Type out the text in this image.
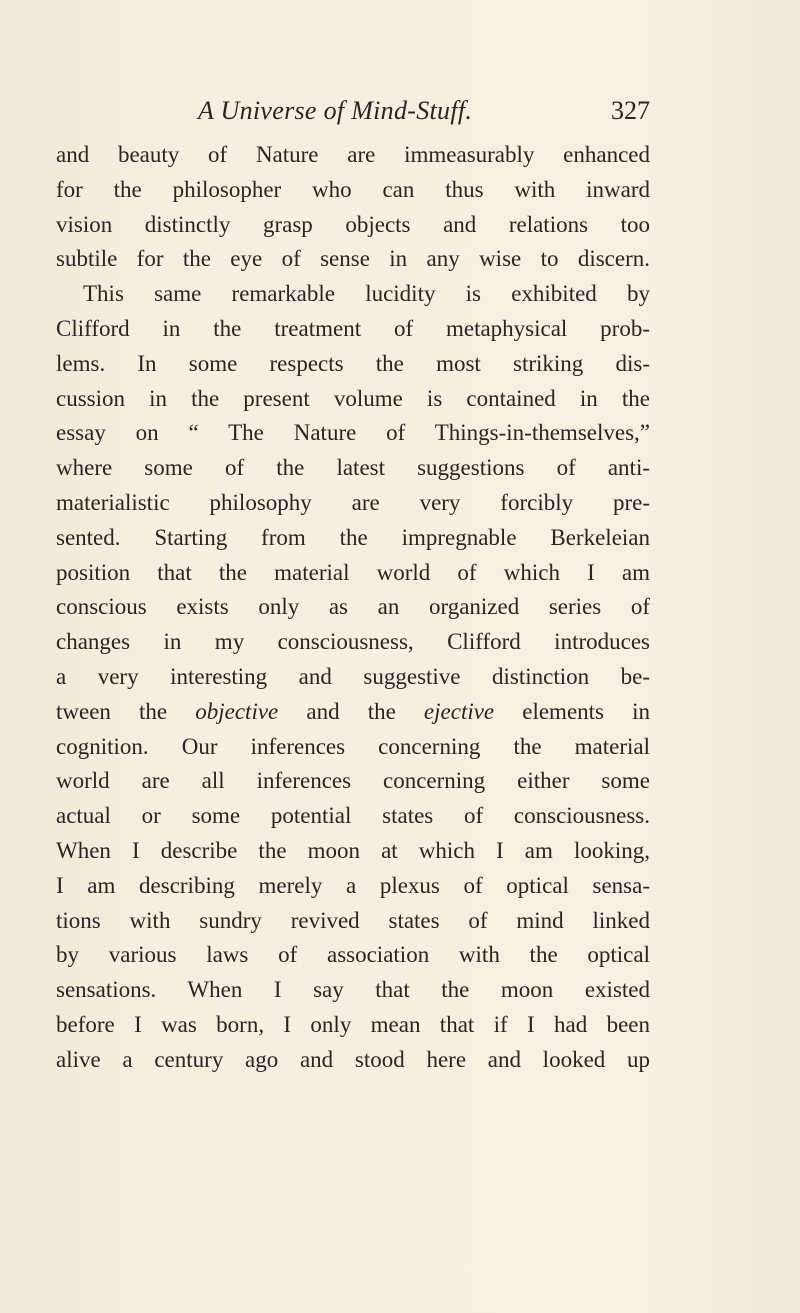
A Universe of Mind-Stuff.	327
and beauty of Nature are immeasurably enhanced
for the philosopher who can thus with inward
vision distinctly grasp objects and relations too
subtile for the eye of sense in any wise to discern.
This same remarkable lucidity is exhibited by
Clifford in the treatment of metaphysical prob-
lems. In some respects the most striking dis-
cussion in the present volume is contained in the
essay on “ The Nature of Things-in-themselves,”
where some of the latest suggestions of anti-
materialistic philosophy are very forcibly pre-
sented. Starting from the impregnable Berkeleian
position that the material world of which I am
conscious exists only as an organized series of
changes in my consciousness, Clifford introduces
a very interesting and suggestive distinction be-
tween the objective and the ejective elements in
cognition. Our inferences concerning the material
world are all inferences concerning either some
actual or some potential states of consciousness.
When I describe the moon at which I am looking,
I am describing merely a plexus of optical sensa-
tions with sundry revived states of mind linked
by various laws of association with the optical
sensations. When I say that the moon existed
before I was born, I only mean that if I had been
alive a century ago and stood here and looked up
